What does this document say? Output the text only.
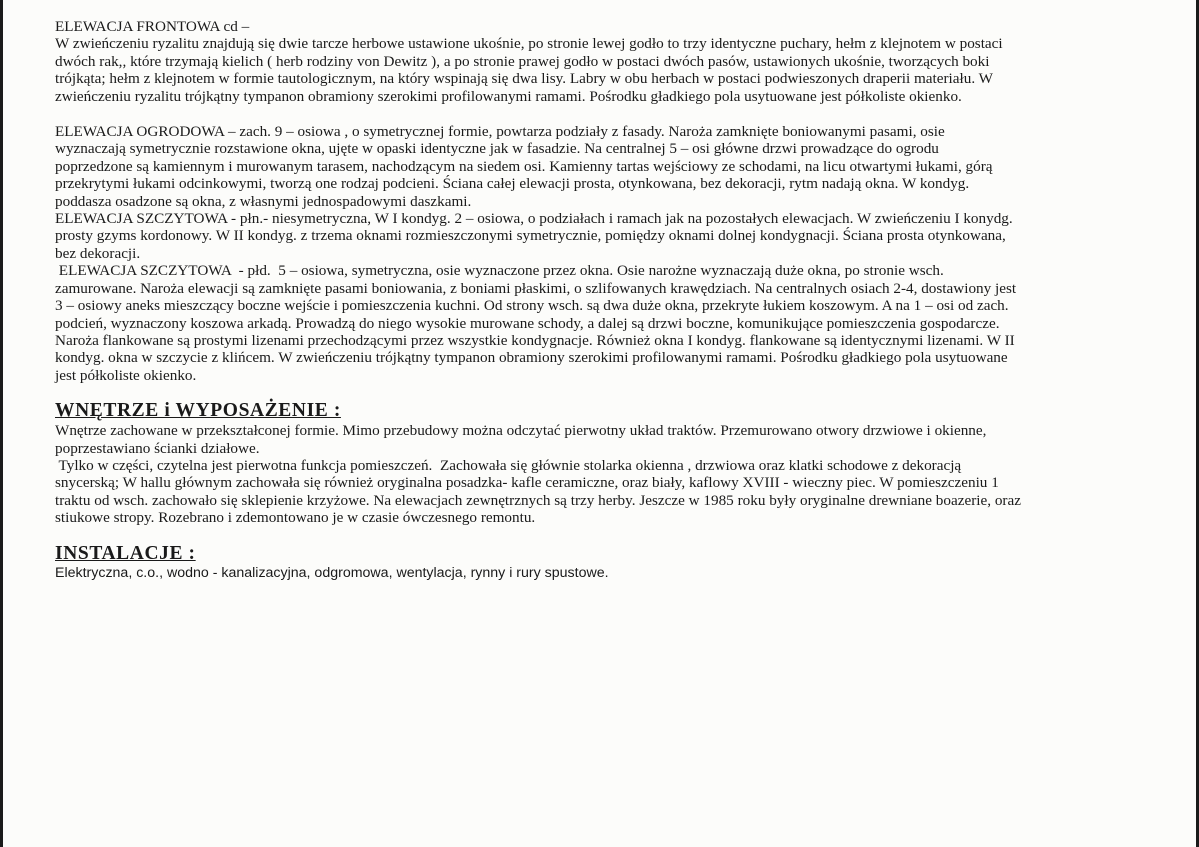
ELEWACJA FRONTOWA cd –

W zwieńczeniu ryzalitu znajdują się dwie tarcze herbowe ustawione ukośnie, po stronie lewej godło to trzy identyczne puchary, hełm z klejnotem w postaci

dwóch rak,, które trzymają kielich ( herb rodziny von Dewitz ), a po stronie prawej godło w postaci dwóch pasów, ustawionych ukośnie, tworzących boki

trójkąta; hełm z klejnotem w formie tautologicznym, na który wspinają się dwa lisy. Labry w obu herbach w postaci podwieszonych draperii materiału. W

zwieńczeniu ryzalitu trójkątny tympanon obramiony szerokimi profilowanymi ramami. Pośrodku gładkiego pola usytuowane jest półkoliste okienko.

ELEWACJA OGRODOWA – zach. 9 – osiowa , o symetrycznej formie, powtarza podziały z fasady. Naroża zamknięte boniowanymi pasami, osie

wyznaczają symetrycznie rozstawione okna, ujęte w opaski identyczne jak w fasadzie. Na centralnej 5 – osi główne drzwi prowadzące do ogrodu

poprzedzone są kamiennym i murowanym tarasem, nachodzącym na siedem osi. Kamienny tartas wejściowy ze schodami, na licu otwartymi łukami, górą

przekrytymi łukami odcinkowymi, tworzą one rodzaj podcieni. Ściana całej elewacji prosta, otynkowana, bez dekoracji, rytm nadają okna. W kondyg.

poddasza osadzone są okna, z własnymi jednospadowymi daszkami.

ELEWACJA SZCZYTOWA - płn.- niesymetryczna, W I kondyg. 2 – osiowa, o podziałach i ramach jak na pozostałych elewacjach. W zwieńczeniu I konydg.

prosty gzyms kordonowy. W II kondyg. z trzema oknami rozmieszczonymi symetrycznie, pomiędzy oknami dolnej kondygnacji. Ściana prosta otynkowana,

bez dekoracji.

ELEWACJA SZCZYTOWA  - płd.  5 – osiowa, symetryczna, osie wyznaczone przez okna. Osie narożne wyznaczają duże okna, po stronie wsch.

zamurowane. Naroża elewacji są zamknięte pasami boniowania, z boniami płaskimi, o szlifowanych krawędziach. Na centralnych osiach 2-4, dostawiony jest

3 – osiowy aneks mieszczący boczne wejście i pomieszczenia kuchni. Od strony wsch. są dwa duże okna, przekryte łukiem koszowym. A na 1 – osi od zach.

podcień, wyznaczony koszowa arkadą. Prowadzą do niego wysokie murowane schody, a dalej są drzwi boczne, komunikujące pomieszczenia gospodarcze.

Naroża flankowane są prostymi lizenami przechodzącymi przez wszystkie kondygnacje. Również okna I kondyg. flankowane są identycznymi lizenami. W II

kondyg. okna w szczycie z klińcem. W zwieńczeniu trójkątny tympanon obramiony szerokimi profilowanymi ramami. Pośrodku gładkiego pola usytuowane

jest półkoliste okienko.

WNĘTRZE i WYPOSAŻENIE :

Wnętrze zachowane w przekształconej formie. Mimo przebudowy można odczytać pierwotny układ traktów. Przemurowano otwory drzwiowe i okienne,

poprzestawiano ścianki działowe.

Tylko w części, czytelna jest pierwotna funkcja pomieszczeń.  Zachowała się głównie stolarka okienna , drzwiowa oraz klatki schodowe z dekoracją

snycerską; W hallu głównym zachowała się również oryginalna posadzka- kafle ceramiczne, oraz biały, kaflowy XVIII - wieczny piec. W pomieszczeniu 1

traktu od wsch. zachowało się sklepienie krzyżowe. Na elewacjach zewnętrznych są trzy herby. Jeszcze w 1985 roku były oryginalne drewniane boazerie, oraz

stiukowe stropy. Rozebrano i zdemontowano je w czasie ówczesnego remontu.

INSTALACJE :

Elektryczna, c.o., wodno - kanalizacyjna, odgromowa, wentylacja, rynny i rury spustowe.
